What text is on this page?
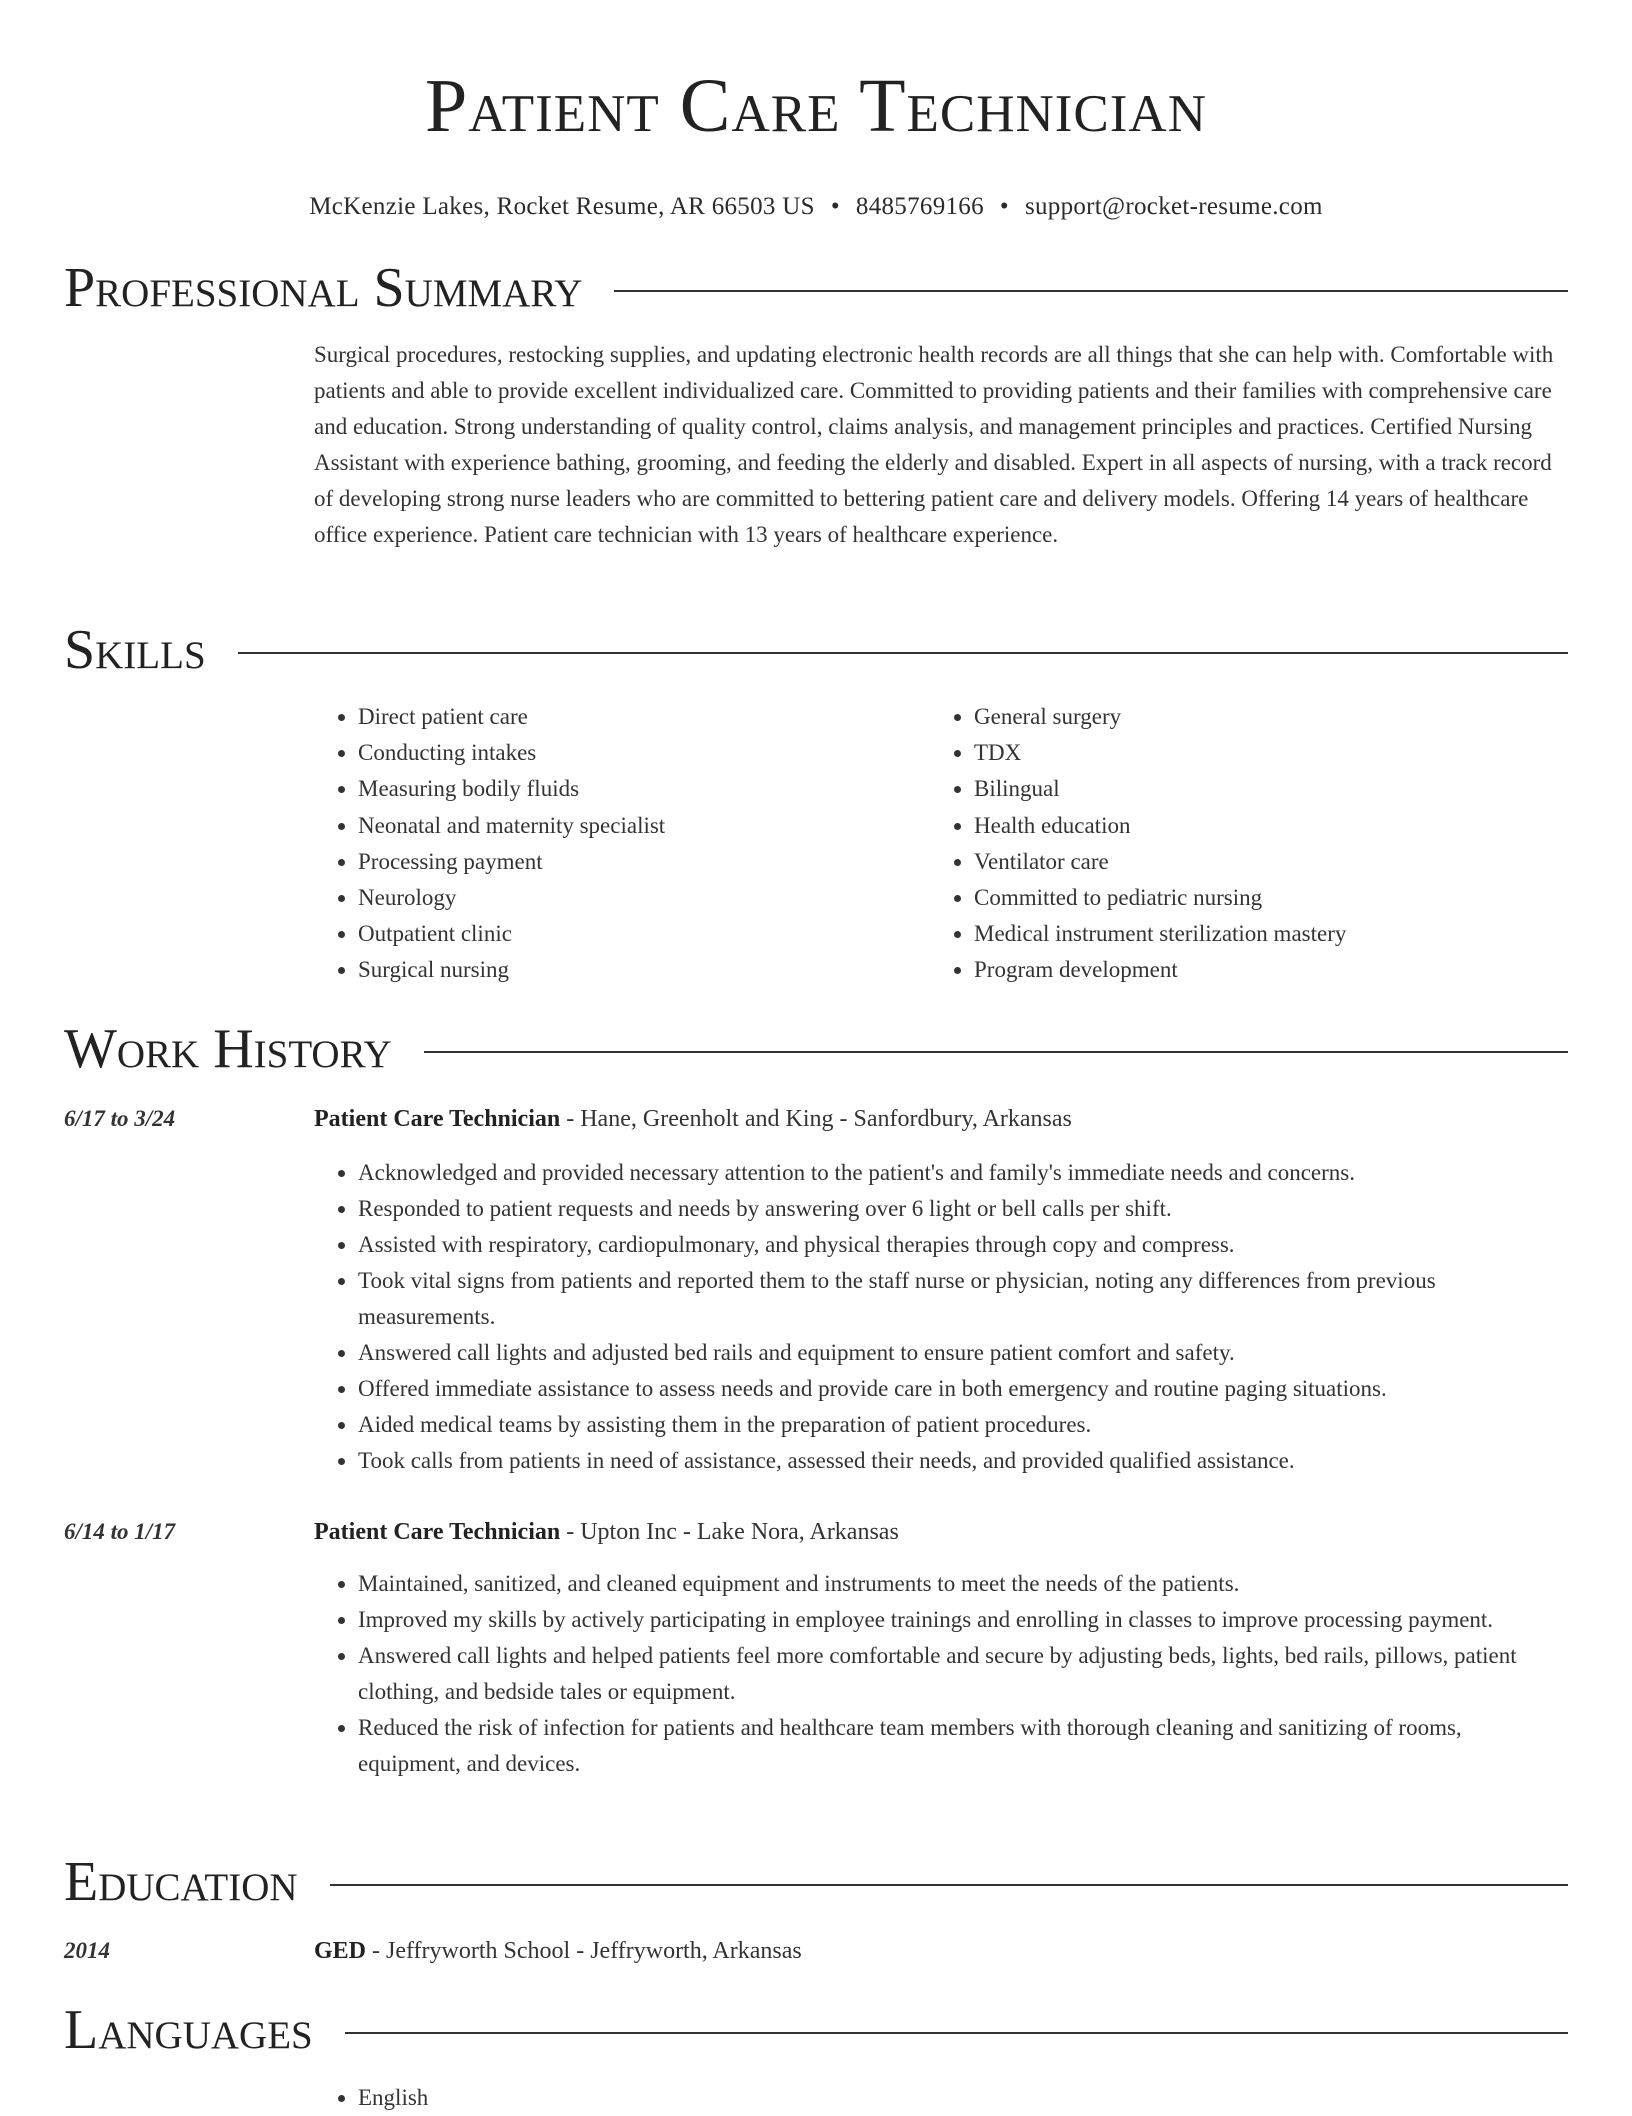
Patient Care Technician
McKenzie Lakes, Rocket Resume, AR 66503 US • 8485769166 • support@rocket-resume.com
Professional Summary

Surgical procedures, restocking supplies, and updating electronic health records are all things that she can help with. Comfortable with patients and able to provide excellent individualized care. Committed to providing patients and their families with comprehensive care and education. Strong understanding of quality control, claims analysis, and management principles and practices. Certified Nursing Assistant with experience bathing, grooming, and feeding the elderly and disabled. Expert in all aspects of nursing, with a track record of developing strong nurse leaders who are committed to bettering patient care and delivery models. Offering 14 years of healthcare office experience. Patient care technician with 13 years of healthcare experience.

Skills
• Direct patient care
• Conducting intakes
• Measuring bodily fluids
• Neonatal and maternity specialist
• Processing payment
• Neurology
• Outpatient clinic
• Surgical nursing
• General surgery
• TDX
• Bilingual
• Health education
• Ventilator care
• Committed to pediatric nursing
• Medical instrument sterilization mastery
• Program development
Work History
6/17 to 3/24	Patient Care Technician - Hane, Greenholt and King - Sanfordbury, Arkansas
• Acknowledged and provided necessary attention to the patient's and family's immediate needs and concerns.
• Responded to patient requests and needs by answering over 6 light or bell calls per shift.
• Assisted with respiratory, cardiopulmonary, and physical therapies through copy and compress.
• Took vital signs from patients and reported them to the staff nurse or physician, noting any differences from previous measurements.
• Answered call lights and adjusted bed rails and equipment to ensure patient comfort and safety.
• Offered immediate assistance to assess needs and provide care in both emergency and routine paging situations.
• Aided medical teams by assisting them in the preparation of patient procedures.
• Took calls from patients in need of assistance, assessed their needs, and provided qualified assistance.
6/14 to 1/17	Patient Care Technician - Upton Inc - Lake Nora, Arkansas
• Maintained, sanitized, and cleaned equipment and instruments to meet the needs of the patients.
• Improved my skills by actively participating in employee trainings and enrolling in classes to improve processing payment.
• Answered call lights and helped patients feel more comfortable and secure by adjusting beds, lights, bed rails, pillows, patient clothing, and bedside tales or equipment.
• Reduced the risk of infection for patients and healthcare team members with thorough cleaning and sanitizing of rooms, equipment, and devices.
Education
2014	GED - Jeffryworth School - Jeffryworth, Arkansas
Languages
• English
